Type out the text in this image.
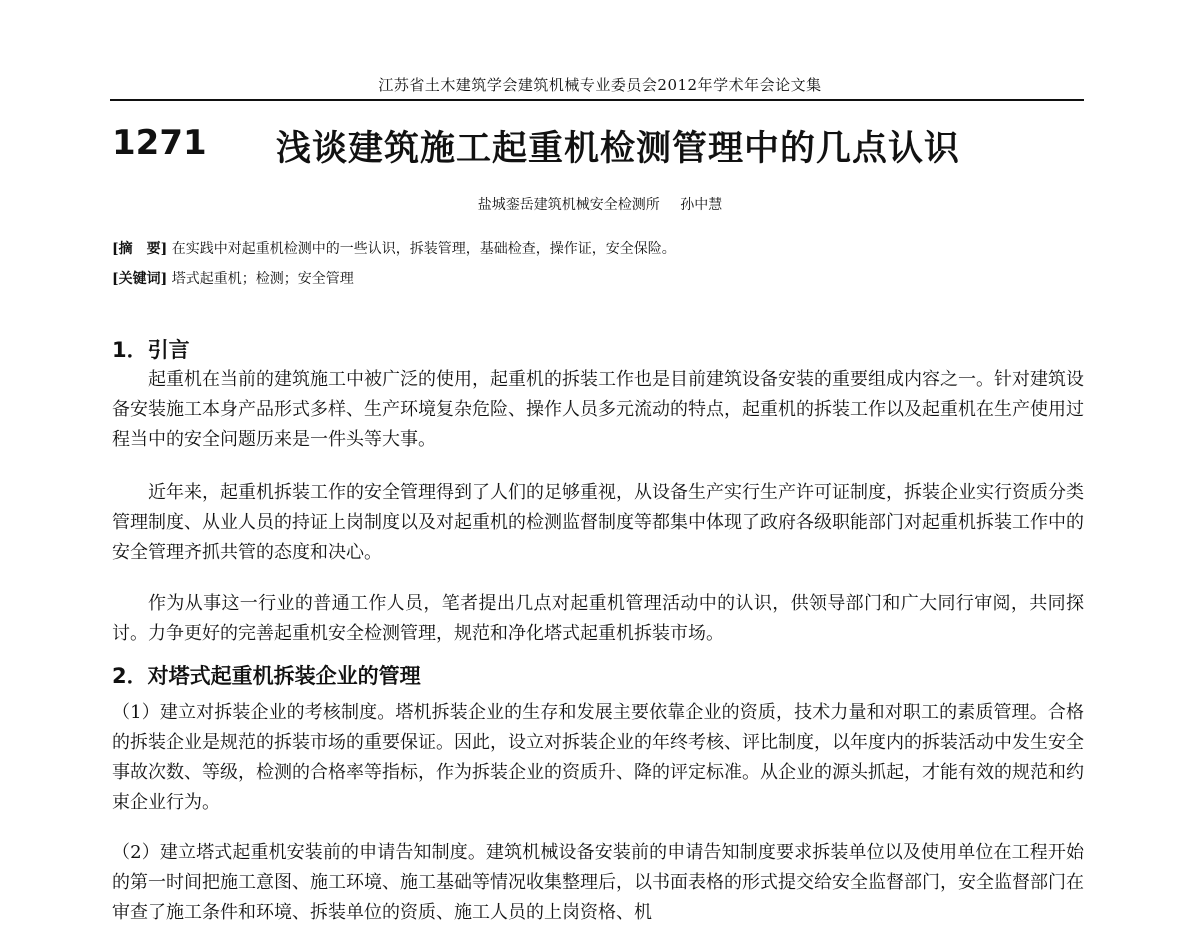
江苏省土木建筑学会建筑机械专业委员会2012年学术年会论文集
1271 浅谈建筑施工起重机检测管理中的几点认识
盐城銮岳建筑机械安全检测所 孙中慧
[摘　要] 在实践中对起重机检测中的一些认识，拆装管理，基础检查，操作证，安全保险。
[关键词] 塔式起重机；检测；安全管理
1．引言

起重机在当前的建筑施工中被广泛的使用，起重机的拆装工作也是目前建筑设备安装的重要组成内容之一。针对建筑设备安装施工本身产品形式多样、生产环境复杂危险、操作人员多元流动的特点，起重机的拆装工作以及起重机在生产使用过程当中的安全问题历来是一件头等大事。

近年来，起重机拆装工作的安全管理得到了人们的足够重视，从设备生产实行生产许可证制度，拆装企业实行资质分类管理制度、从业人员的持证上岗制度以及对起重机的检测监督制度等都集中体现了政府各级职能部门对起重机拆装工作中的安全管理齐抓共管的态度和决心。

作为从事这一行业的普通工作人员，笔者提出几点对起重机管理活动中的认识，供领导部门和广大同行审阅，共同探讨。力争更好的完善起重机安全检测管理，规范和净化塔式起重机拆装市场。

2．对塔式起重机拆装企业的管理

（1）建立对拆装企业的考核制度。塔机拆装企业的生存和发展主要依靠企业的资质，技术力量和对职工的素质管理。合格的拆装企业是规范的拆装市场的重要保证。因此，设立对拆装企业的年终考核、评比制度，以年度内的拆装活动中发生安全事故次数、等级，检测的合格率等指标，作为拆装企业的资质升、降的评定标准。从企业的源头抓起，才能有效的规范和约束企业行为。

（2）建立塔式起重机安装前的申请告知制度。建筑机械设备安装前的申请告知制度要求拆装单位以及使用单位在工程开始的第一时间把施工意图、施工环境、施工基础等情况收集整理后，以书面表格的形式提交给安全监督部门，安全监督部门在审查了施工条件和环境、拆装单位的资质、施工人员的上岗资格、机
